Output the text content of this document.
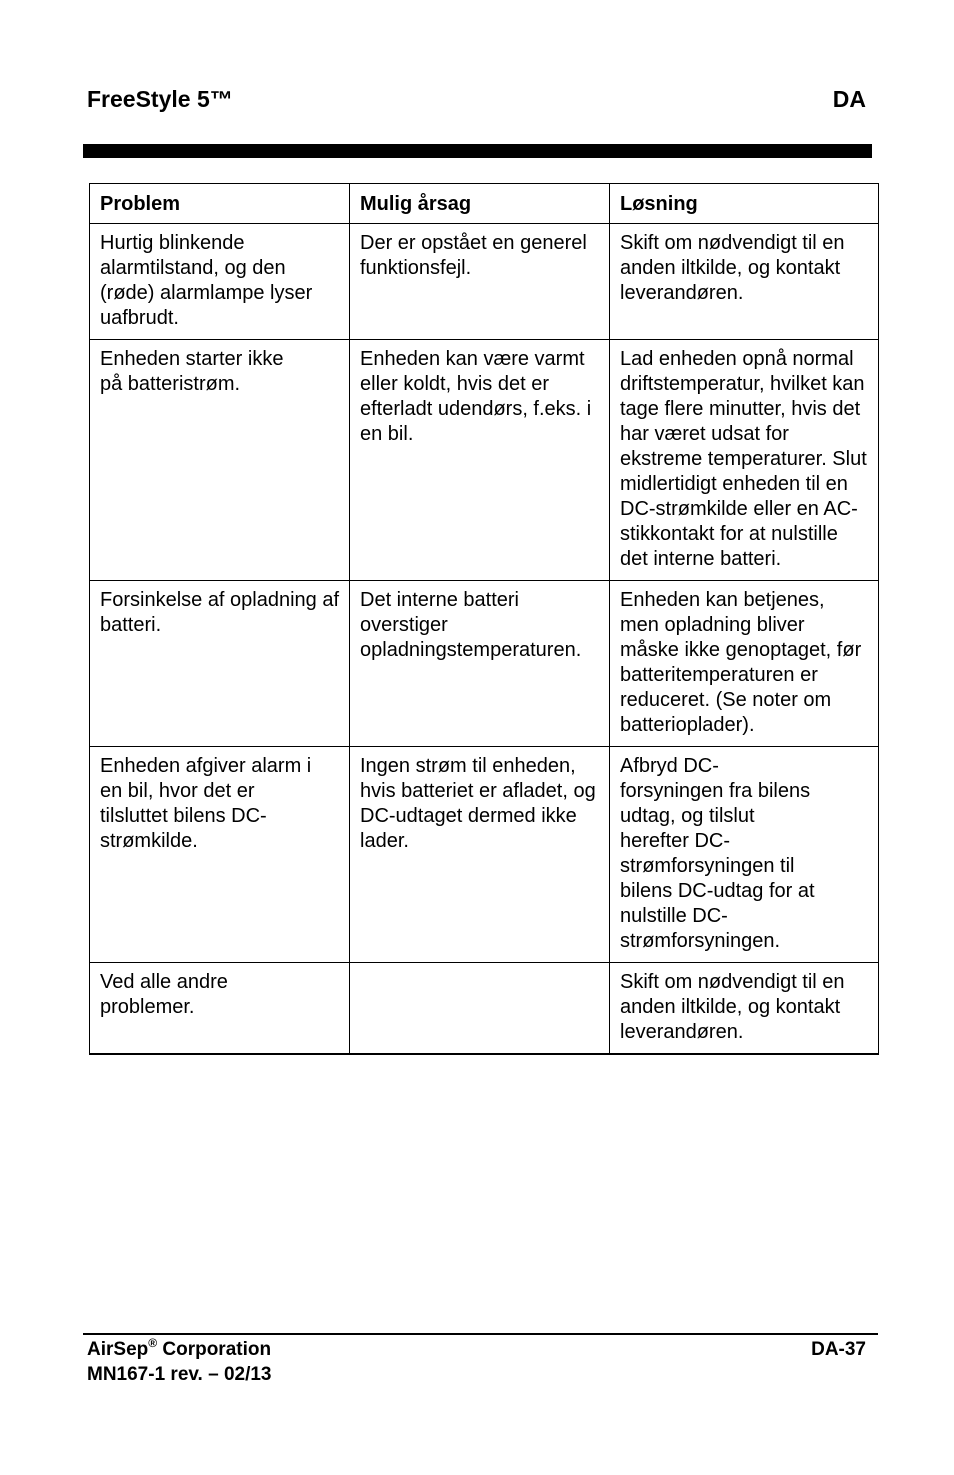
FreeStyle 5™	DA
Problem	Mulig årsag	Løsning

Hurtig blinkende alarmtilstand, og den (røde) alarmlampe lyser uafbrudt.	Der er opstået en generel funktionsfejl.	Skift om nødvendigt til en anden iltkilde, og kontakt leverandøren.

Enheden starter ikke på batteristrøm.	Enheden kan være varmt eller koldt, hvis det er efterladt udendørs, f.eks. i en bil.	Lad enheden opnå normal driftstemperatur, hvilket kan tage flere minutter, hvis det har været udsat for ekstreme temperaturer. Slut midlertidigt enheden til en DC-strømkilde eller en AC-stikkontakt for at nulstille det interne batteri.

Forsinkelse af opladning af batteri.	Det interne batteri overstiger opladningstemperaturen.	Enheden kan betjenes, men opladning bliver måske ikke genoptaget, før batteritemperaturen er reduceret. (Se noter om batterioplader).

Enheden afgiver alarm i en bil, hvor det er tilsluttet bilens DC-strømkilde.	Ingen strøm til enheden, hvis batteriet er afladet, og DC-udtaget dermed ikke lader.	Afbryd DC-forsyningen fra bilens udtag, og tilslut herefter DC-strømforsyningen til bilens DC-udtag for at nulstille DC-strømforsyningen.

Ved alle andre problemer.		Skift om nødvendigt til en anden iltkilde, og kontakt leverandøren.
AirSep® Corporation
MN167-1 rev. – 02/13
DA-37
